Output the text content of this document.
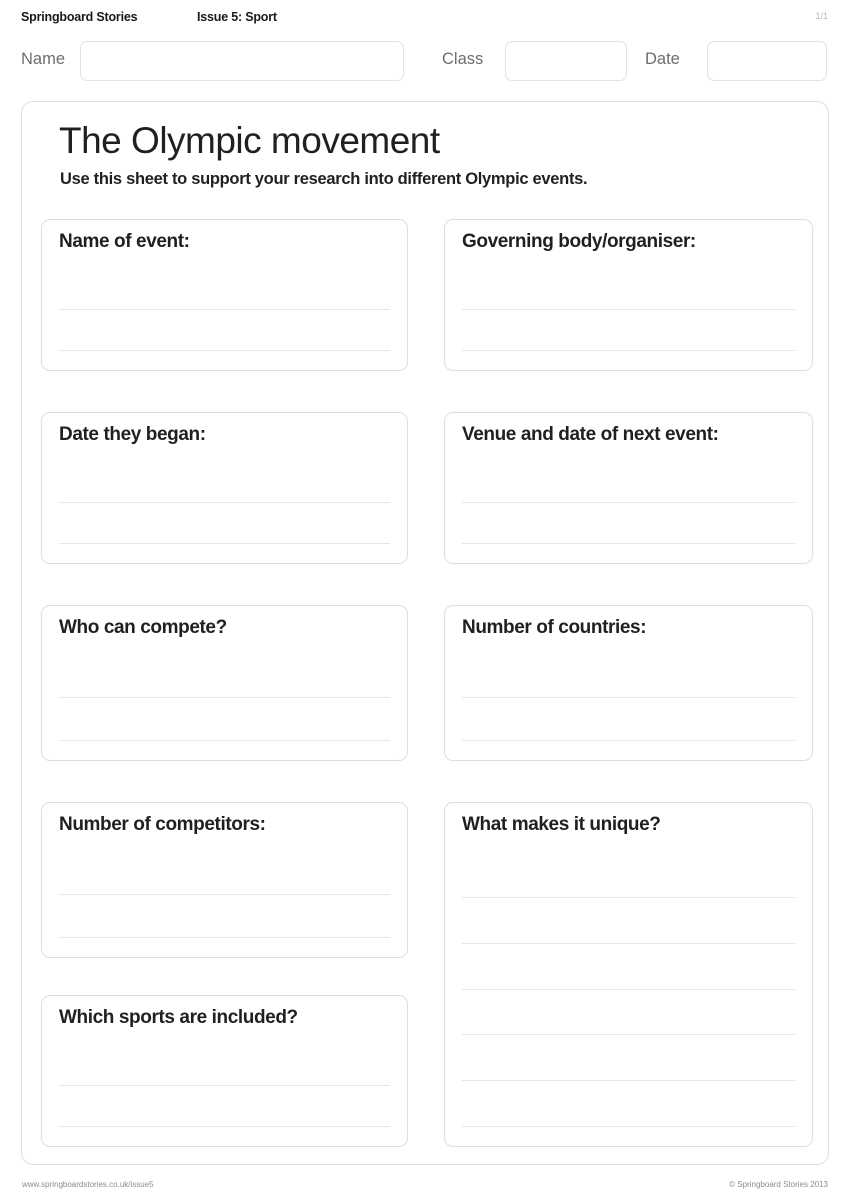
Springboard Stories	Issue 5: Sport	1/1
Name	Class	Date
The Olympic movement
Use this sheet to support your research into different Olympic events.
Name of event:	Governing body/organiser:
Date they began:	Venue and date of next event:
Who can compete?	Number of countries:
Number of competitors:	What makes it unique?
Which sports are included?
www.springboardstories.co.uk/issue5	© Springboard Stories 2013
